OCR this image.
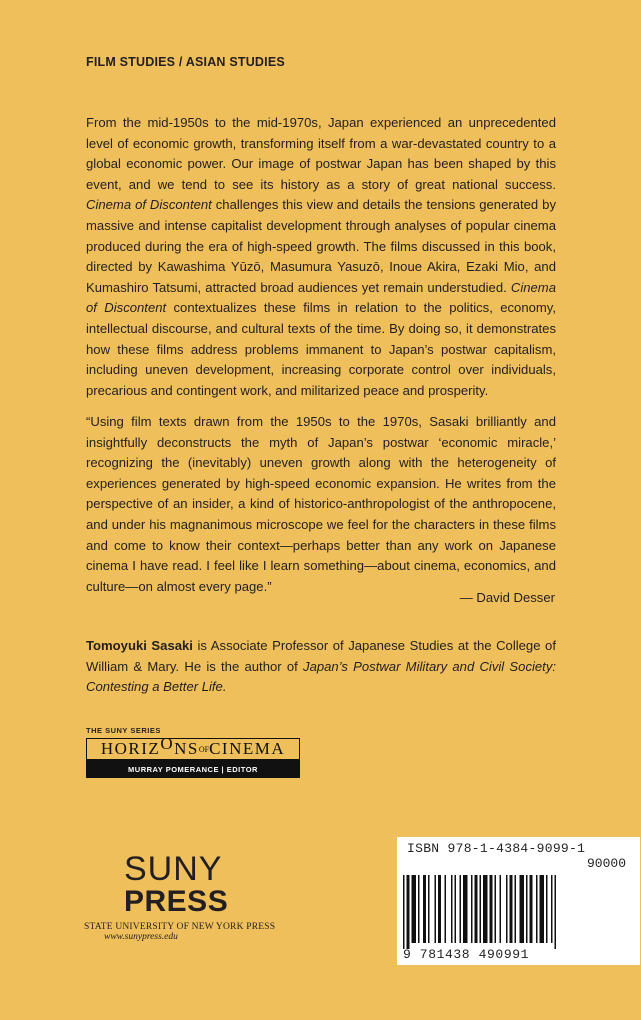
FILM STUDIES / ASIAN STUDIES

From the mid-1950s to the mid-1970s, Japan experienced an unprecedented level of economic growth, transforming itself from a war-devastated country to a global economic power. Our image of postwar Japan has been shaped by this event, and we tend to see its history as a story of great national success. Cinema of Discontent challenges this view and details the tensions generated by massive and intense capitalist development through analyses of popular cinema produced during the era of high-speed growth. The films discussed in this book, directed by Kawashima Yūzō, Masumura Yasuzō, Inoue Akira, Ezaki Mio, and Kumashiro Tatsumi, attracted broad audiences yet remain understudied. Cinema of Discontent contextualizes these films in relation to the politics, economy, intellectual discourse, and cultural texts of the time. By doing so, it demonstrates how these films address problems immanent to Japan’s postwar capitalism, including uneven development, increasing corporate control over individuals, precarious and contingent work, and militarized peace and prosperity.

“Using film texts drawn from the 1950s to the 1970s, Sasaki brilliantly and insightfully deconstructs the myth of Japan’s postwar ‘economic miracle,’ recognizing the (inevitably) uneven growth along with the heterogeneity of experiences generated by high-speed economic expansion. He writes from the perspective of an insider, a kind of historico-anthropologist of the anthropocene, and under his magnanimous microscope we feel for the characters in these films and come to know their context—perhaps better than any work on Japanese cinema I have read. I feel like I learn something—about cinema, economics, and culture—on almost every page.”

— David Desser

Tomoyuki Sasaki is Associate Professor of Japanese Studies at the College of William & Mary. He is the author of Japan’s Postwar Military and Civil Society: Contesting a Better Life.

THE SUNY SERIES
HORIZ O NS OF CINEMA
MURRAY POMERANCE | EDITOR
SUNY
PRESS
STATE UNIVERSITY OF NEW YORK PRESS
www.sunypress.edu
ISBN 978-1-4384-9099-1
90000
9 781438 490991
